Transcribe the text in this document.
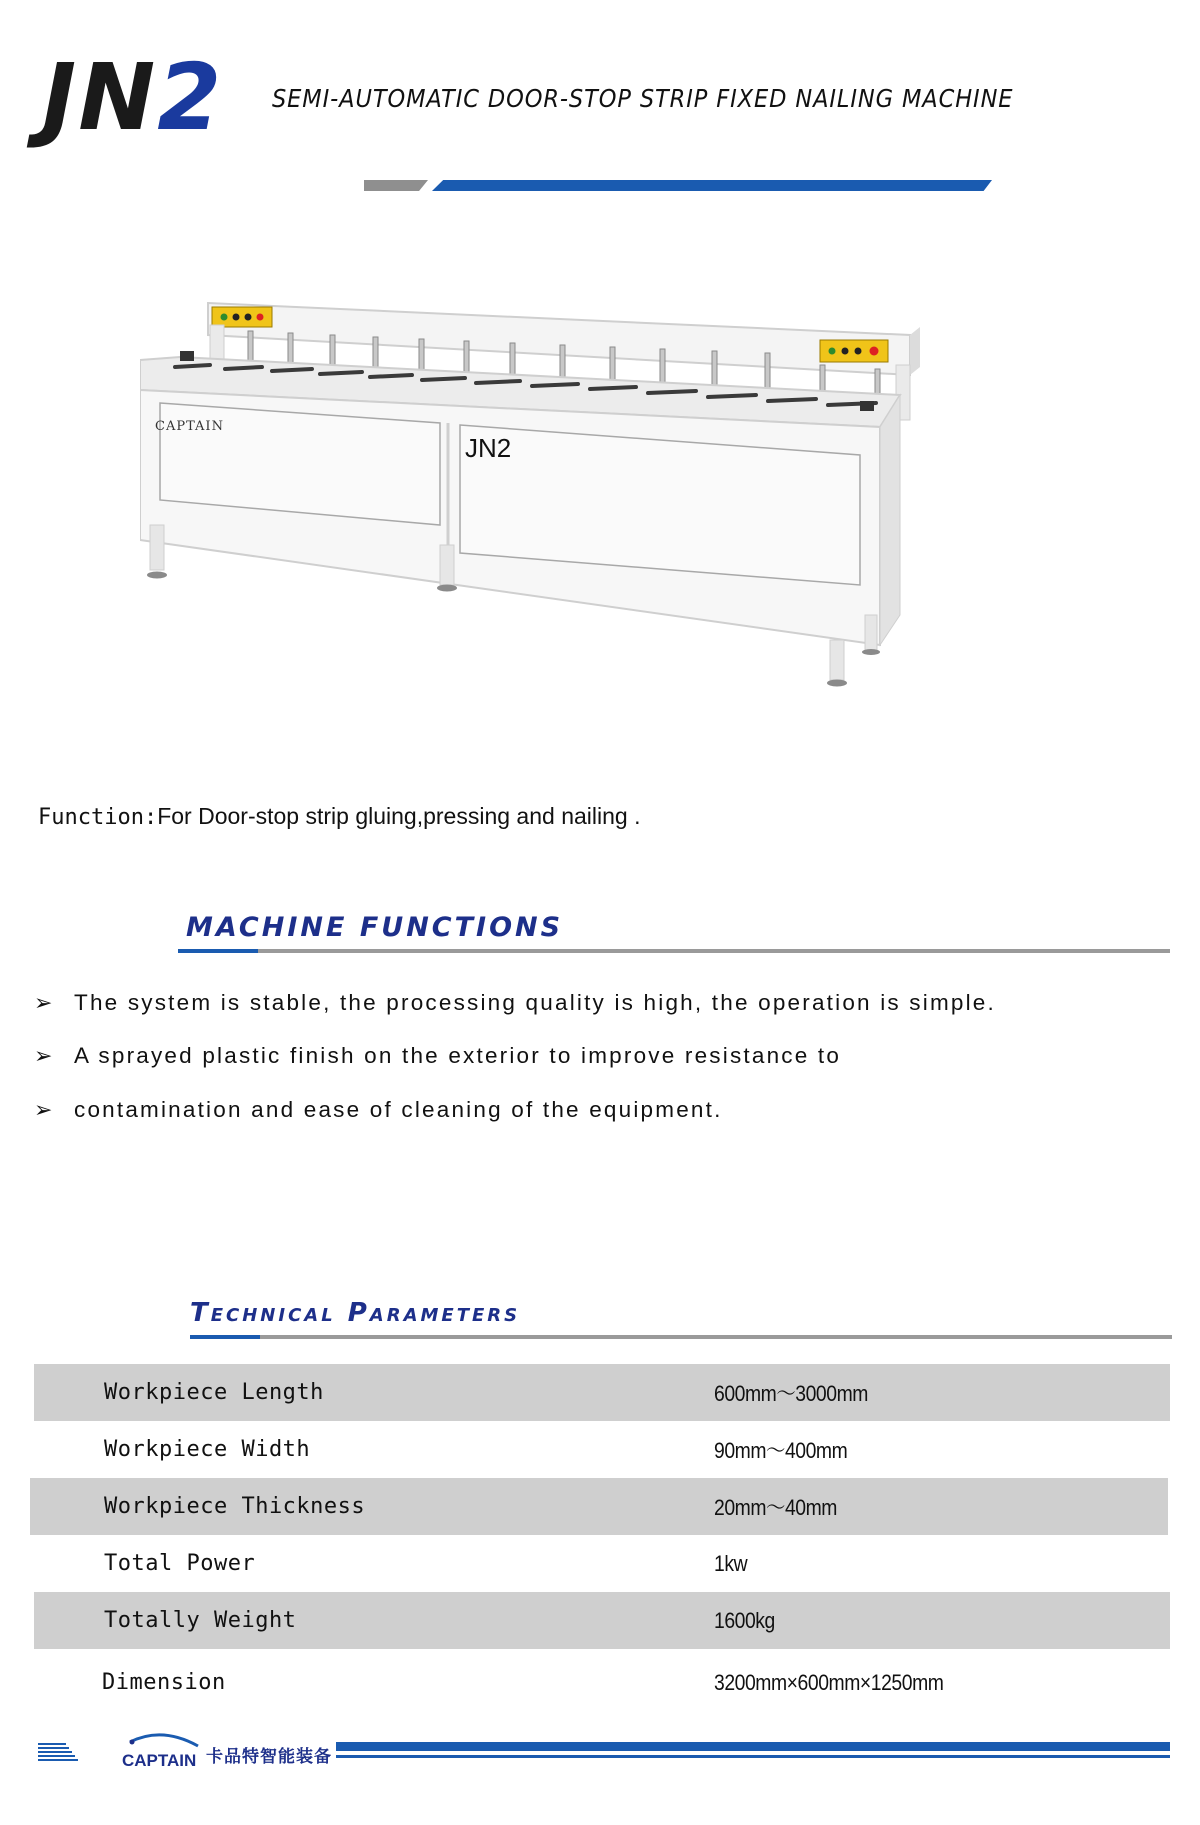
JN2 SEMI-AUTOMATIC DOOR-STOP STRIP FIXED NAILING MACHINE
CAPTAIN
JN2
Function:For Door-stop strip gluing,pressing and nailing .
MACHINE FUNCTIONS
➢ The system is stable, the processing quality is high, the operation is simple.
➢ A sprayed plastic finish on the exterior to improve resistance to
➢ contamination and ease of cleaning of the equipment.
Technical Parameters
Workpiece Length	600mm～3000mm
Workpiece Width	90mm～400mm
Workpiece Thickness	20mm～40mm
Total Power	1kw
Totally Weight	1600kg
Dimension	3200mm×600mm×1250mm
CAPTAIN 卡品特智能装备
